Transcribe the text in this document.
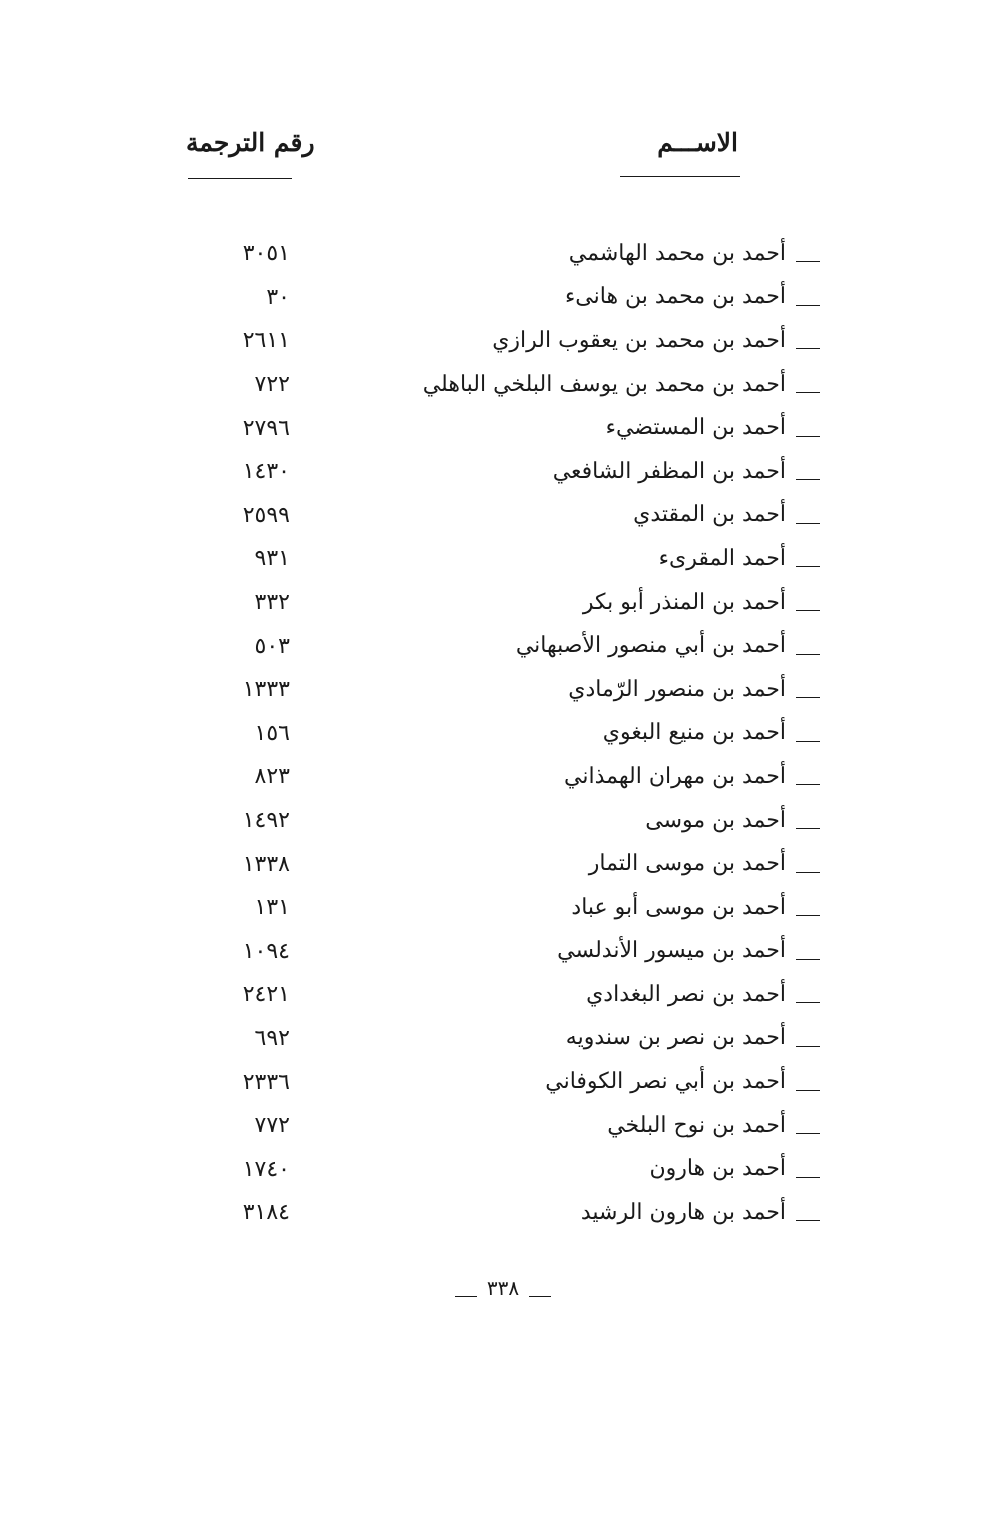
الاســـم
رقم الترجمة
أحمد بن محمد الهاشمي
٣٠٥١
أحمد بن محمد بن هانىء
٣٠
أحمد بن محمد بن يعقوب الرازي
٢٦١١
أحمد بن محمد بن يوسف البلخي الباهلي
٧٢٢
أحمد بن المستضيء
٢٧٩٦
أحمد بن المظفر الشافعي
١٤٣٠
أحمد بن المقتدي
٢٥٩٩
أحمد المقرىء
٩٣١
أحمد بن المنذر أبو بكر
٣٣٢
أحمد بن أبي منصور الأصبهاني
٥٠٣
أحمد بن منصور الرّمادي
١٣٣٣
أحمد بن منيع البغوي
١٥٦
أحمد بن مهران الهمذاني
٨٢٣
أحمد بن موسى
١٤٩٢
أحمد بن موسى التمار
١٣٣٨
أحمد بن موسى أبو عباد
١٣١
أحمد بن ميسور الأندلسي
١٠٩٤
أحمد بن نصر البغدادي
٢٤٢١
أحمد بن نصر بن سندويه
٦٩٢
أحمد بن أبي نصر الكوفاني
٢٣٣٦
أحمد بن نوح البلخي
٧٧٢
أحمد بن هارون
١٧٤٠
أحمد بن هارون الرشيد
٣١٨٤
٣٣٨
